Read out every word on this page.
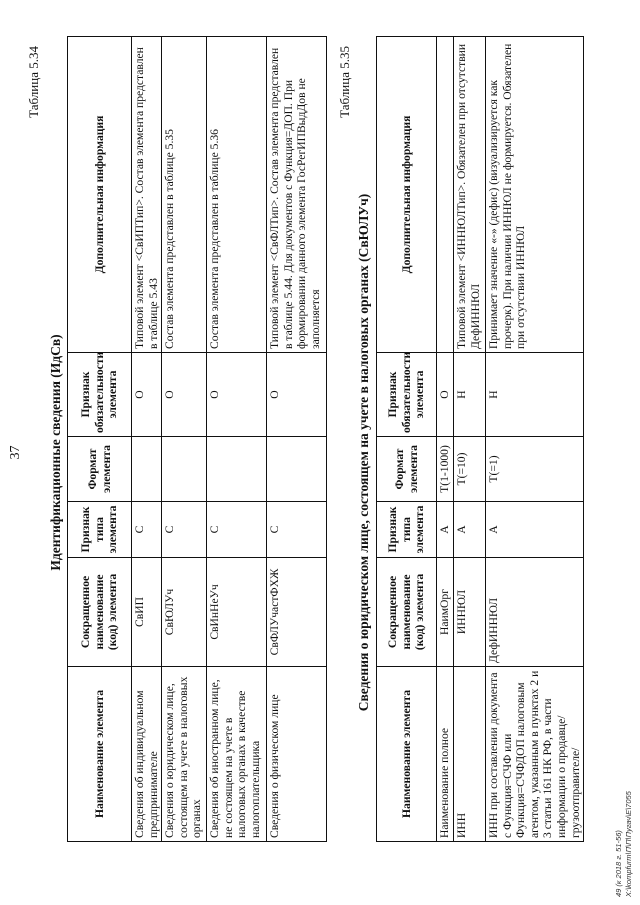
37
Таблица 5.34
Идентификационные сведения (ИдСв)
Наименование элемента	Сокращенное наименование (код) элемента	Признак типа элемента	Формат элемента	Признак обязательности элемента	Дополнительная информация
Сведения об индивидуальном предпринимателе	СвИП	С		О	Типовой элемент <СвИПТип>. Состав элемента представлен в таблице 5.43
Сведения о юридическом лице, состоящем на учете в налоговых органах	СвЮЛУч	С		О	Состав элемента представлен в таблице 5.35
Сведения об иностранном лице, не состоящем на учете в налоговых органах в качестве налогоплательщика	СвИнНеУч	С		О	Состав элемента представлен в таблице 5.36
Сведения о физическом лице	СвФЛУчастФХЖ	С		О	Типовой элемент <СвФЛТип>. Состав элемента представлен в таблице 5.44. Для документов с Функция=ДОП. При формировании данного элемента ГосРегИПВыдДов не заполняется
Таблица 5.35
Сведения о юридическом лице, состоящем на учете в налоговых органах (СвЮЛУч)
Наименование элемента	Сокращенное наименование (код) элемента	Признак типа элемента	Формат элемента	Признак обязательности элемента	Дополнительная информация
Наименование полное	НаимОрг	А	T(1-1000)	О	
ИНН	ИННЮЛ	А	T(=10)	Н	Типовой элемент <ИННЮЛТип>. Обязателен при отсутствии ДефИННЮЛ
ИНН при составлении документа с Функция=СЧФ или Функция=СЧФДОП налоговым агентом, указанным в пунктах 2 и 3 статьи 161 НК РФ, в части информации о продавце/грузоотправителе/	ДефИННЮЛ	А	T(=1)	Н	Принимает значение «-» (дефис) (визуализируется как прочерк). При наличии ИННЮЛ не формируется. Обязателен при отсутствии ИННЮЛ
49 (к 2018 г. 51-56) Х:\kompfurm\П\П\Пугач\Е\7055
